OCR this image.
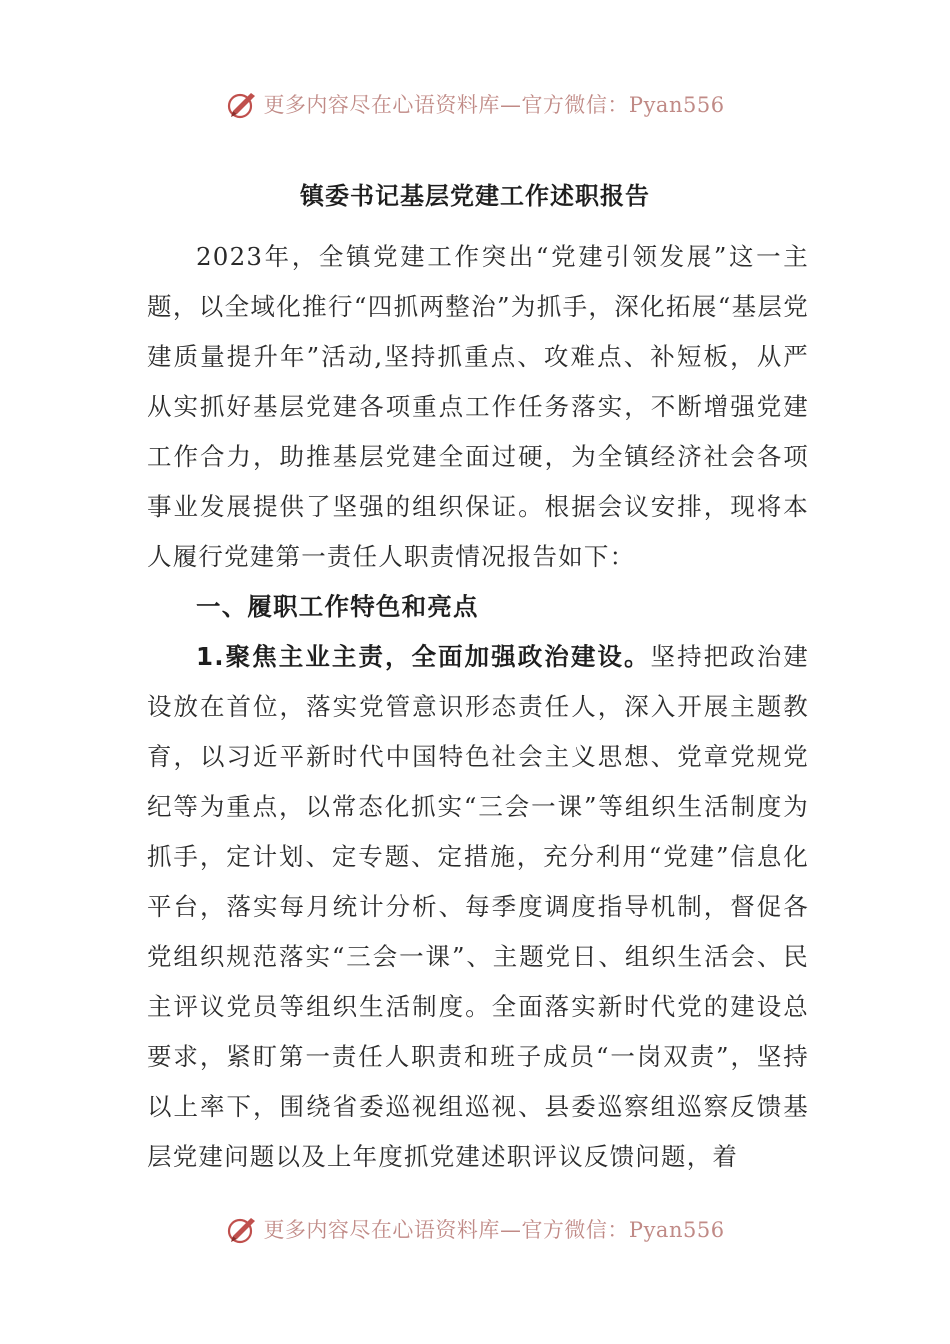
更多内容尽在心语资料库—官方微信：Pyan556
镇委书记基层党建工作述职报告

2023年，全镇党建工作突出“党建引领发展”这一主题，以全域化推行“四抓两整治”为抓手，深化拓展“基层党建质量提升年”活动,坚持抓重点、攻难点、补短板，从严从实抓好基层党建各项重点工作任务落实，不断增强党建工作合力，助推基层党建全面过硬，为全镇经济社会各项事业发展提供了坚强的组织保证。根据会议安排，现将本人履行党建第一责任人职责情况报告如下：

一、履职工作特色和亮点

1.聚焦主业主责，全面加强政治建设。坚持把政治建设放在首位，落实党管意识形态责任人，深入开展主题教育，以习近平新时代中国特色社会主义思想、党章党规党纪等为重点，以常态化抓实“三会一课”等组织生活制度为抓手，定计划、定专题、定措施，充分利用“党建”信息化平台，落实每月统计分析、每季度调度指导机制，督促各党组织规范落实“三会一课”、主题党日、组织生活会、民主评议党员等组织生活制度。全面落实新时代党的建设总要求，紧盯第一责任人职责和班子成员“一岗双责”，坚持以上率下，围绕省委巡视组巡视、县委巡察组巡察反馈基层党建问题以及上年度抓党建述职评议反馈问题，着

更多内容尽在心语资料库—官方微信：Pyan556
